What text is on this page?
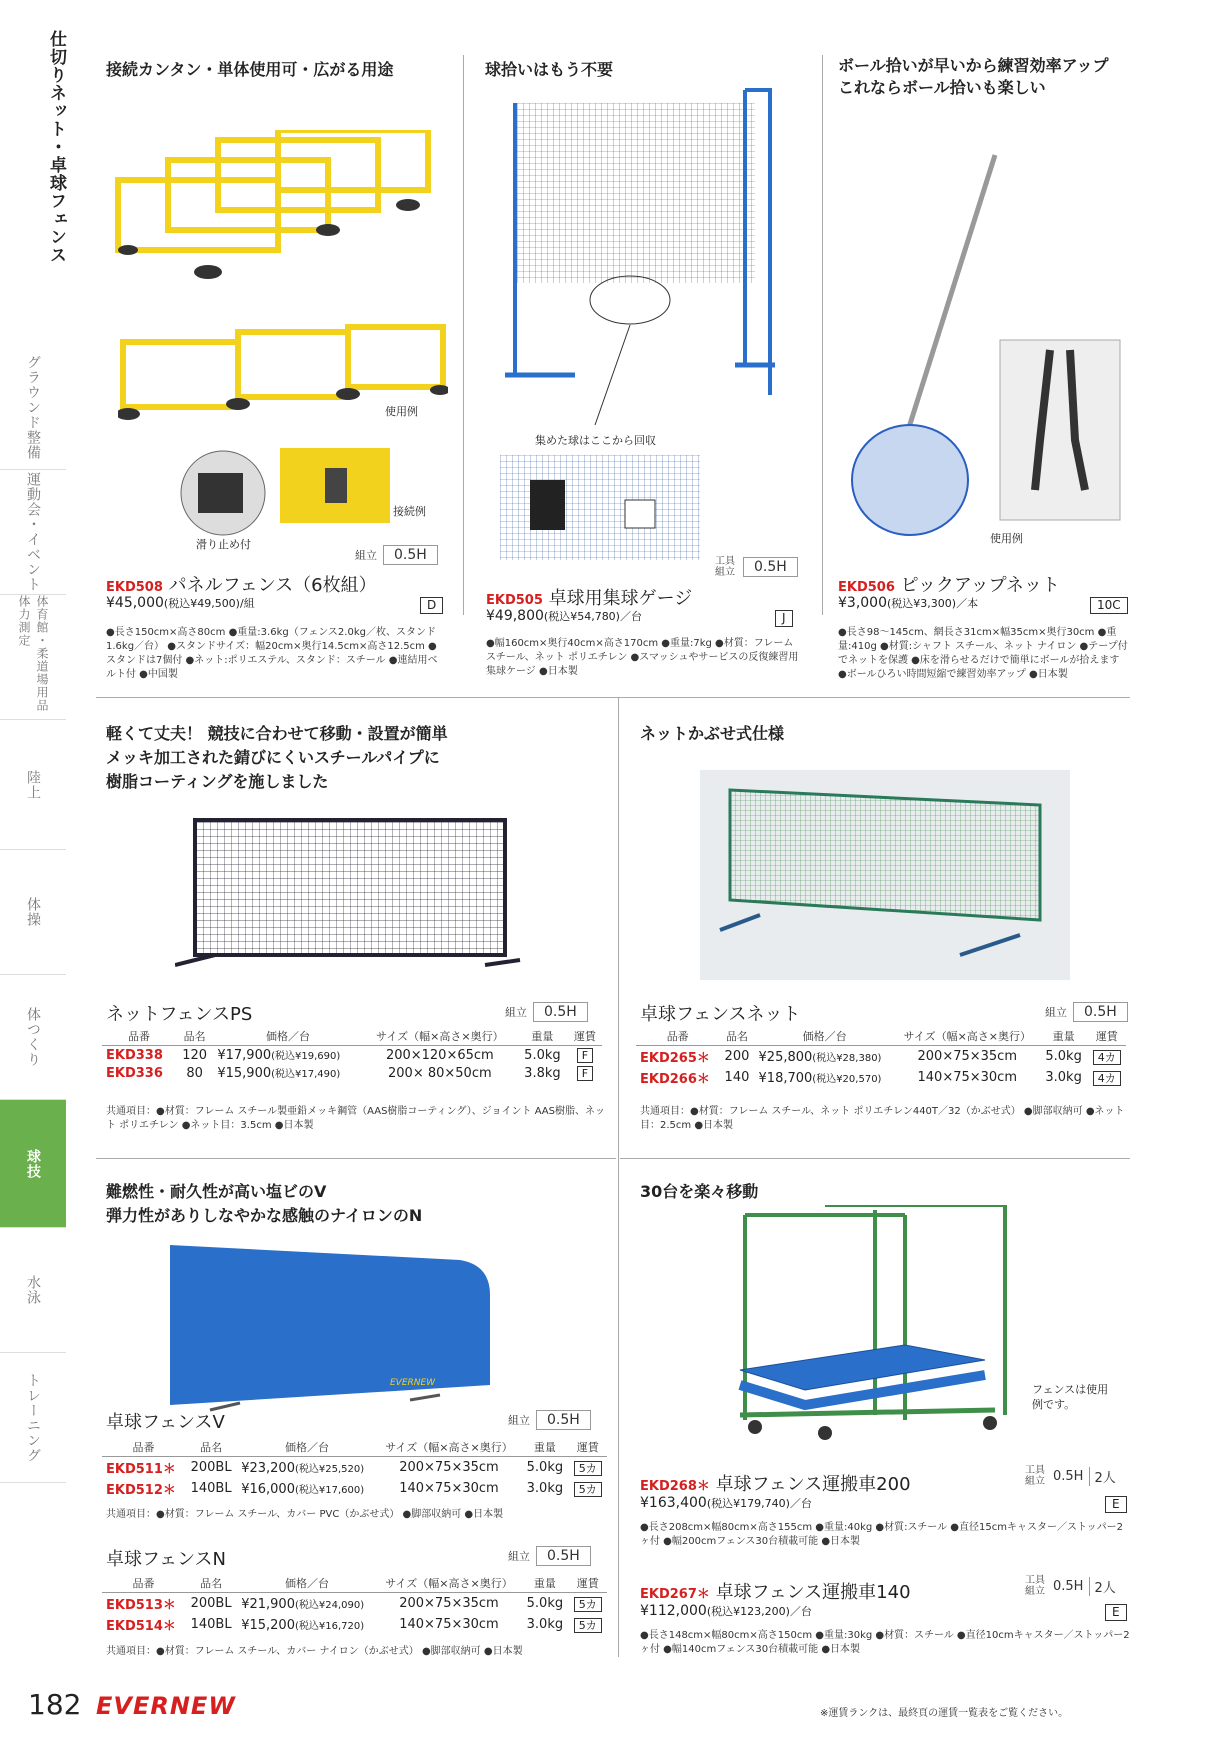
仕切りネット・卓球フェンス
グラウンド整備
運動会・イベント
体育館・柔道場用品 体力測定
陸上
体操
体つくり
球技
水泳
トレーニング
接続カンタン・単体使用可・広がる用途
使用例
滑り止め付
接続例
組立	0.5H
EKD508 パネルフェンス（6枚組）
¥45,000(税込¥49,500)/組	D
●長さ150cm×高さ80cm ●重量:3.6kg（フェンス2.0kg／枚、スタンド1.6kg／台） ●スタンドサイズ：幅20cm×奥行14.5cm×高さ12.5cm ●スタンドは7個付 ●ネット:ポリエステル、スタンド：スチール ●連結用ベルト付 ●中国製
球拾いはもう不要
集めた球はここから回収
工具 組立	0.5H
EKD505 卓球用集球ゲージ
¥49,800(税込¥54,780)／台	J
●幅160cm×奥行40cm×高さ170cm ●重量:7kg ●材質：フレーム スチール、ネット ポリエチレン ●スマッシュやサービスの反復練習用集球ケージ ●日本製
ボール拾いが早いから練習効率アップ
これならボール拾いも楽しい
使用例
EKD506 ピックアップネット
¥3,000(税込¥3,300)／本	10C
●長さ98～145cm、網長さ31cm×幅35cm×奥行30cm ●重量:410g ●材質:シャフト スチール、ネット ナイロン ●テープ付でネットを保護 ●床を滑らせるだけで簡単にボールが拾えます ●ボールひろい時間短縮で練習効率アップ ●日本製
軽くて丈夫！ 競技に合わせて移動・設置が簡単
メッキ加工された錆びにくいスチールパイプに
樹脂コーティングを施しました
ネットフェンスPS	組立	0.5H
品番	品名	価格／台	サイズ（幅×高さ×奥行）	重量	運賃
EKD338	120	¥17,900(税込¥19,690)	200×120×65cm	5.0kg	F
EKD336	80	¥15,900(税込¥17,490)	200× 80×50cm	3.8kg	F
共通項目：●材質：フレーム スチール製亜鉛メッキ鋼管（AAS樹脂コーティング）、ジョイント AAS樹脂、ネット ポリエチレン ●ネット目：3.5cm ●日本製
ネットかぶせ式仕様
卓球フェンスネット	組立	0.5H
品番	品名	価格／台	サイズ（幅×高さ×奥行）	重量	運賃
EKD265＊	200	¥25,800(税込¥28,380)	200×75×35cm	5.0kg	4カ
EKD266＊	140	¥18,700(税込¥20,570)	140×75×30cm	3.0kg	4カ
共通項目：●材質：フレーム スチール、ネット ポリエチレン440T／32（かぶせ式） ●脚部収納可 ●ネット目：2.5cm ●日本製
難燃性・耐久性が高い塩ビのV
弾力性がありしなやかな感触のナイロンのN
EVERNEW
卓球フェンスV	組立	0.5H
品番	品名	価格／台	サイズ（幅×高さ×奥行）	重量	運賃
EKD511＊	200BL	¥23,200(税込¥25,520)	200×75×35cm	5.0kg	5カ
EKD512＊	140BL	¥16,000(税込¥17,600)	140×75×30cm	3.0kg	5カ
共通項目：●材質：フレーム スチール、カバー PVC（かぶせ式） ●脚部収納可 ●日本製
卓球フェンスN	組立	0.5H
品番	品名	価格／台	サイズ（幅×高さ×奥行）	重量	運賃
EKD513＊	200BL	¥21,900(税込¥24,090)	200×75×35cm	5.0kg	5カ
EKD514＊	140BL	¥15,200(税込¥16,720)	140×75×30cm	3.0kg	5カ
共通項目：●材質：フレーム スチール、カバー ナイロン（かぶせ式） ●脚部収納可 ●日本製
30台を楽々移動
フェンスは使用例です。
工具 組立 0.5H 2人
EKD268＊ 卓球フェンス運搬車200
¥163,400(税込¥179,740)／台	E
●長さ208cm×幅80cm×高さ155cm ●重量:40kg ●材質:スチール ●直径15cmキャスター／ストッパー2ヶ付 ●幅200cmフェンス30台積載可能 ●日本製
工具 組立 0.5H 2人
EKD267＊ 卓球フェンス運搬車140
¥112,000(税込¥123,200)／台	E
●長さ148cm×幅80cm×高さ150cm ●重量:30kg ●材質：スチール ●直径10cmキャスター／ストッパー2ヶ付 ●幅140cmフェンス30台積載可能 ●日本製
182 EVERNEW	※運賃ランクは、最終頁の運賃一覧表をご覧ください。
